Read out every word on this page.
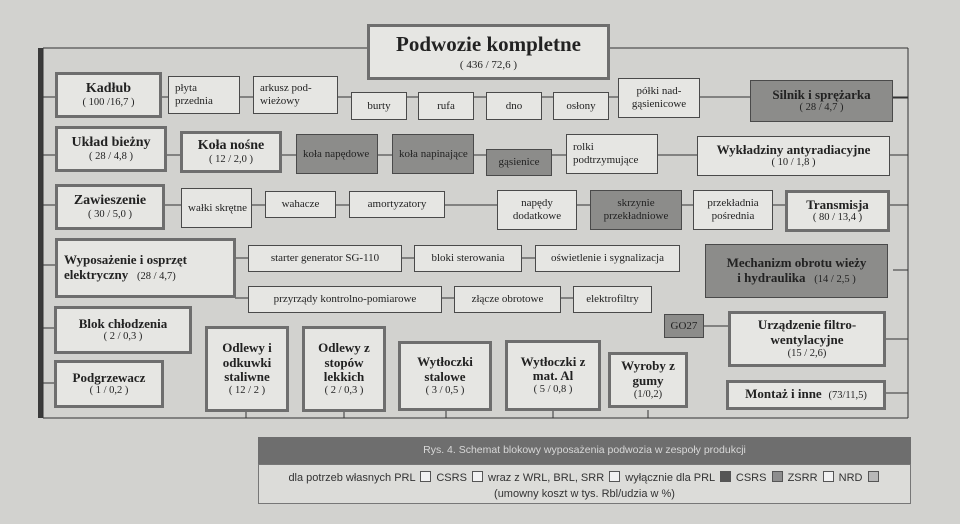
Podwozie kompletne
( 436 / 72,6 )
Kadłub
( 100 /16,7 )
płyta przednia
arkusz pod- wieżowy	burty	rufa	dno	osłony
półki nad- gąsienicowe
Silnik i sprężarka
( 28 / 4,7 )
Układ bieżny
( 28 / 4,8 )
Koła nośne
( 12 / 2,0 )	koła napędowe	koła napinające
gąsienice
rolki podtrzymujące
Wykładziny antyradiacyjne
( 10 / 1,8 )
Zawieszenie
( 30 / 5,0 )
wałki skrętne	wahacze	amortyzatory	napędy dodatkowe
skrzynie przekładniowe
przekładnia pośrednia
Transmisja
( 80 / 13,4 )
Wyposażenie i osprzęt
elektryczny (28 / 4,7)
starter generator SG-110	bloki sterowania	oświetlenie i sygnalizacja	Mechanizm obrotu wieży
i hydraulika (14 / 2,5 )
przyrządy kontrolno-pomiarowe	złącze obrotowe	elektrofiltry
GO27
Blok chłodzenia
( 2 / 0,3 )
Odlewy i odkuwki staliwne
( 12 / 2 )
Odlewy z stopów lekkich
( 2 / 0,3 )
Wytłoczki stalowe
( 3 / 0,5 )
Wytłoczki z mat. Al
( 5 / 0,8 )
Wyroby z gumy
(1/0,2)
Urządzenie filtro- wentylacyjne
(15 / 2,6)
Podgrzewacz
( 1 / 0,2 )	Montaż i inne (73/11,5)
Rys. 4. Schemat blokowy wyposażenia podwozia w zespoły produkcji
dla potrzeb własnych PRL CSRS wraz z WRL, BRL, SRR wyłącznie dla PRL CSRS ZSRR NRD
(umowny koszt w tys. Rbl/udzia w %)
